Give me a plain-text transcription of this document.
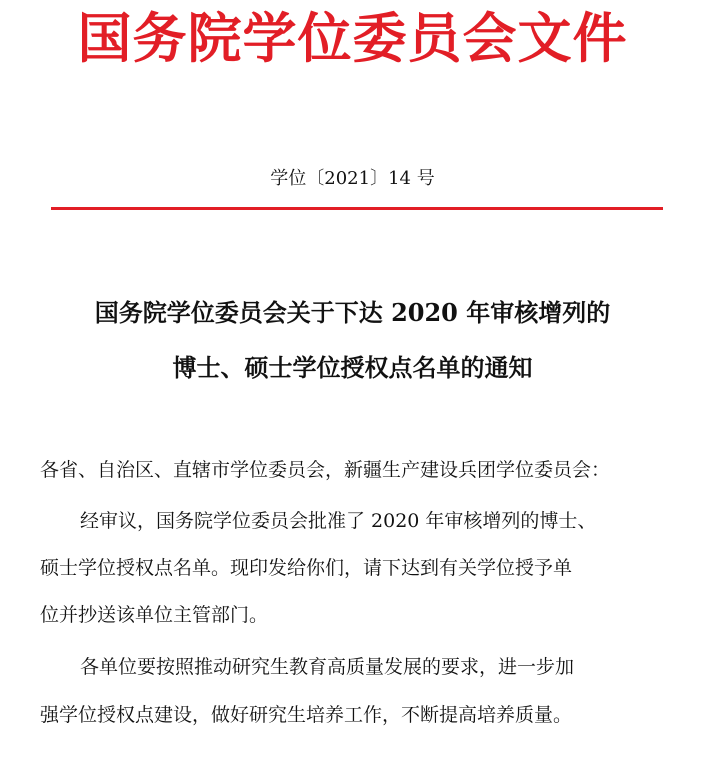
国务院学位委员会文件
学位〔2021〕14 号
国务院学位委员会关于下达 2020 年审核增列的
博士、硕士学位授权点名单的通知
各省、自治区、直辖市学位委员会，新疆生产建设兵团学位委员会：
经审议，国务院学位委员会批准了 2020 年审核增列的博士、
硕士学位授权点名单。现印发给你们，请下达到有关学位授予单
位并抄送该单位主管部门。
各单位要按照推动研究生教育高质量发展的要求，进一步加
强学位授权点建设，做好研究生培养工作，不断提高培养质量。
